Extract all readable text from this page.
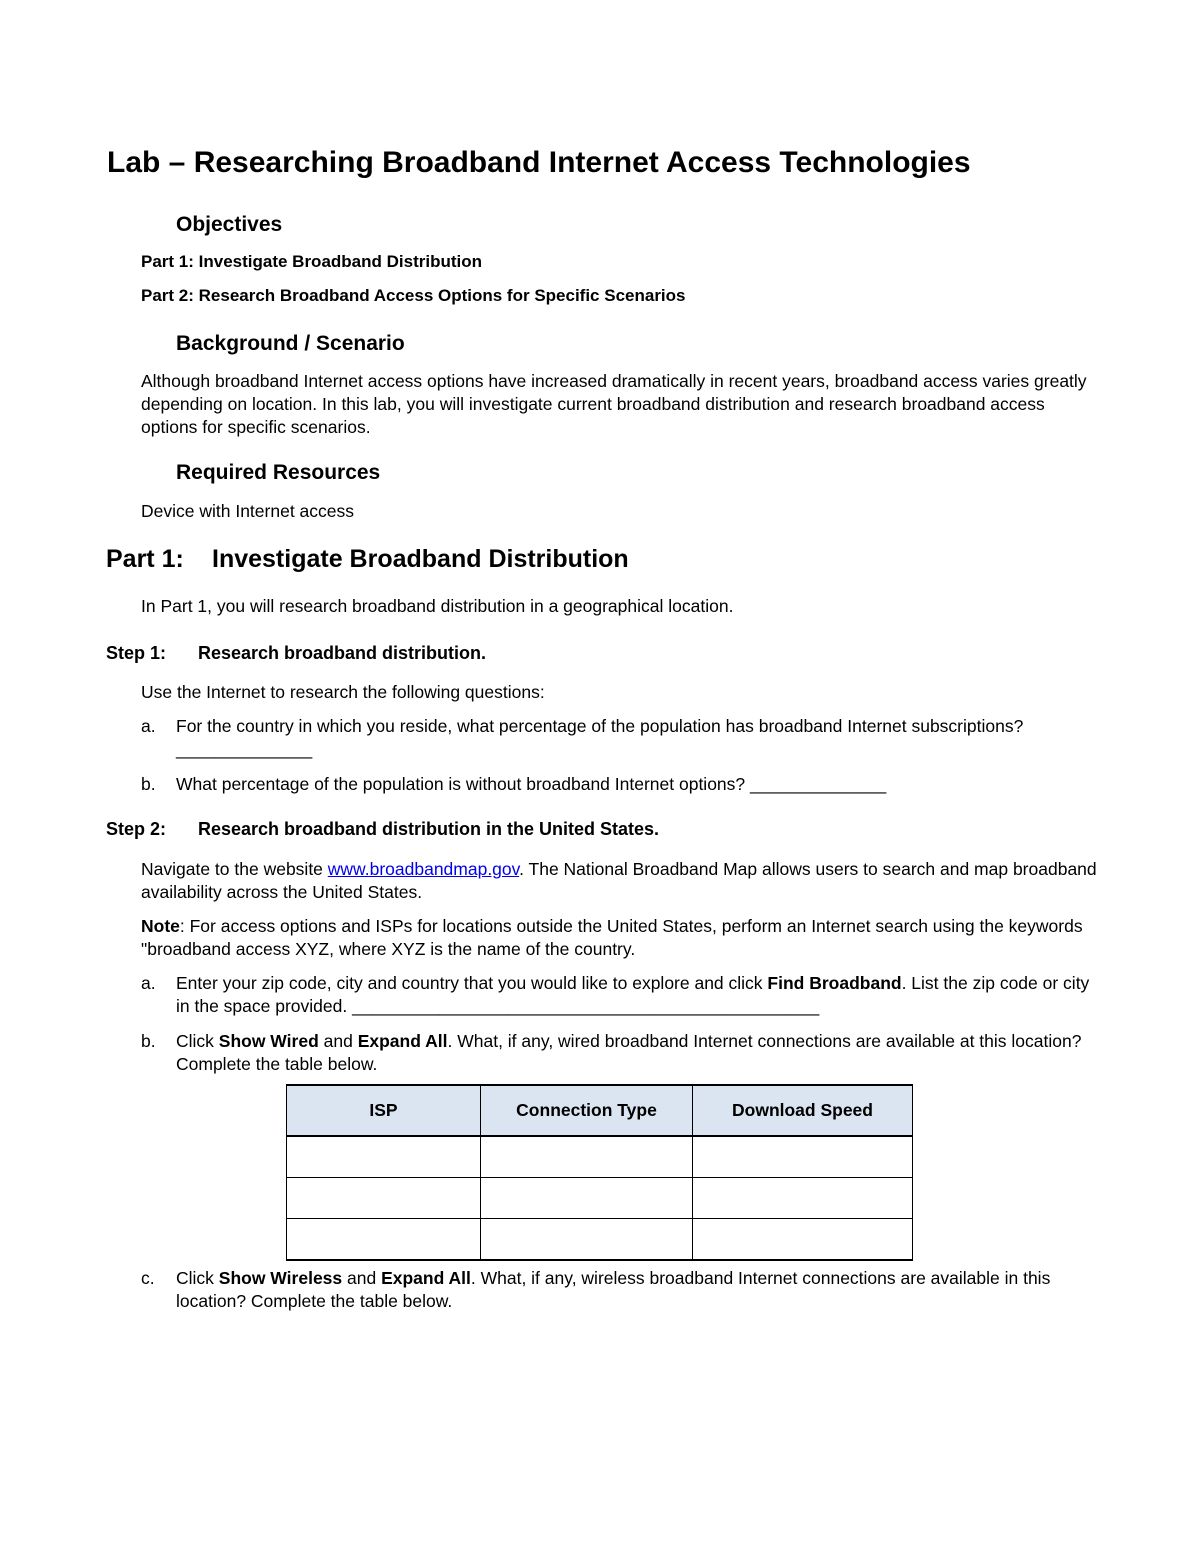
Lab – Researching Broadband Internet Access Technologies
Objectives
Part 1: Investigate Broadband Distribution
Part 2: Research Broadband Access Options for Specific Scenarios
Background / Scenario
Although broadband Internet access options have increased dramatically in recent years, broadband access varies greatly depending on location. In this lab, you will investigate current broadband distribution and research broadband access options for specific scenarios.
Required Resources
Device with Internet access
Part 1: Investigate Broadband Distribution
In Part 1, you will research broadband distribution in a geographical location.
Step 1: Research broadband distribution.
Use the Internet to research the following questions:
a. For the country in which you reside, what percentage of the population has broadband Internet subscriptions? ______________
b. What percentage of the population is without broadband Internet options? ______________
Step 2: Research broadband distribution in the United States.
Navigate to the website www.broadbandmap.gov. The National Broadband Map allows users to search and map broadband availability across the United States.
Note: For access options and ISPs for locations outside the United States, perform an Internet search using the keywords "broadband access XYZ, where XYZ is the name of the country.
a. Enter your zip code, city and country that you would like to explore and click Find Broadband. List the zip code or city in the space provided. ________________________________________________
b. Click Show Wired and Expand All. What, if any, wired broadband Internet connections are available at this location? Complete the table below.
ISP	Connection Type	Download Speed

c. Click Show Wireless and Expand All. What, if any, wireless broadband Internet connections are available in this location? Complete the table below.
